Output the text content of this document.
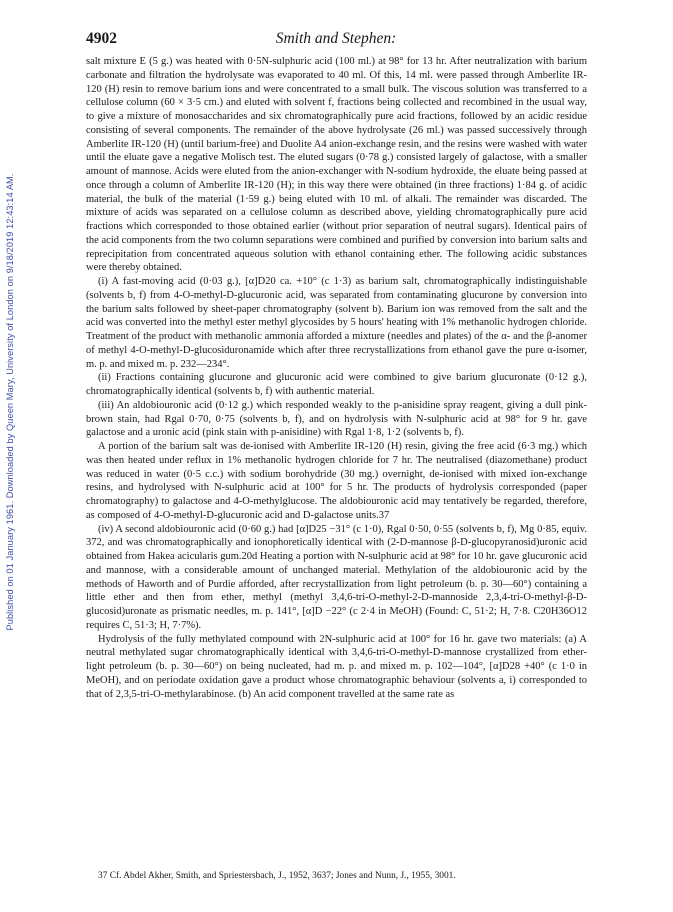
Published on 01 January 1961. Downloaded by Queen Mary, University of London on 9/18/2019 12:43:14 AM.
4902	Smith and Stephen:

salt mixture E (5 g.) was heated with 0·5N-sulphuric acid (100 ml.) at 98° for 13 hr. After neutralization with barium carbonate and filtration the hydrolysate was evaporated to 40 ml. Of this, 14 ml. were passed through Amberlite IR-120 (H) resin to remove barium ions and were concentrated to a small bulk. The viscous solution was transferred to a cellulose column (60 × 3·5 cm.) and eluted with solvent f, fractions being collected and recombined in the usual way, to give a mixture of monosaccharides and six chromatographically pure acid fractions, followed by an acidic residue consisting of several components. The remainder of the above hydrolysate (26 ml.) was passed successively through Amberlite IR-120 (H) (until barium-free) and Duolite A4 anion-exchange resin, and the resins were washed with water until the eluate gave a negative Molisch test. The eluted sugars (0·78 g.) consisted largely of galactose, with a smaller amount of mannose. Acids were eluted from the anion-exchanger with N-sodium hydroxide, the eluate being passed at once through a column of Amberlite IR-120 (H); in this way there were obtained (in three fractions) 1·84 g. of acidic material, the bulk of the material (1·59 g.) being eluted with 10 ml. of alkali. The remainder was discarded. The mixture of acids was separated on a cellulose column as described above, yielding chromatographically pure acid fractions which corresponded to those obtained earlier (without prior separation of neutral sugars). Identical pairs of the acid components from the two column separations were combined and purified by conversion into barium salts and reprecipitation from concentrated aqueous solution with ethanol containing ether. The following acidic substances were thereby obtained.

(i) A fast-moving acid (0·03 g.), [α]D20 ca. +10° (c 1·3) as barium salt, chromatographically indistinguishable (solvents b, f) from 4-O-methyl-D-glucuronic acid, was separated from contaminating glucurone by conversion into the barium salts followed by sheet-paper chromatography (solvent b). Barium ion was removed from the salt and the acid was converted into the methyl ester methyl glycosides by 5 hours' heating with 1% methanolic hydrogen chloride. Treatment of the product with methanolic ammonia afforded a mixture (needles and plates) of the α- and the β-anomer of methyl 4-O-methyl-D-glucosiduronamide which after three recrystallizations from ethanol gave the pure α-isomer, m. p. and mixed m. p. 232—234°.

(ii) Fractions containing glucurone and glucuronic acid were combined to give barium glucuronate (0·12 g.), chromatographically identical (solvents b, f) with authentic material.

(iii) An aldobiouronic acid (0·12 g.) which responded weakly to the p-anisidine spray reagent, giving a dull pink-brown stain, had Rgal 0·70, 0·75 (solvents b, f), and on hydrolysis with N-sulphuric acid at 98° for 9 hr. gave galactose and a uronic acid (pink stain with p-anisidine) with Rgal 1·8, 1·2 (solvents b, f).

A portion of the barium salt was de-ionised with Amberlite IR-120 (H) resin, giving the free acid (6·3 mg.) which was then heated under reflux in 1% methanolic hydrogen chloride for 7 hr. The neutralised (diazomethane) product was reduced in water (0·5 c.c.) with sodium borohydride (30 mg.) overnight, de-ionised with mixed ion-exchange resins, and hydrolysed with N-sulphuric acid at 100° for 5 hr. The products of hydrolysis corresponded (paper chromatography) to galactose and 4-O-methylglucose. The aldobiouronic acid may tentatively be regarded, therefore, as composed of 4-O-methyl-D-glucuronic acid and D-galactose units.37

(iv) A second aldobiouronic acid (0·60 g.) had [α]D25 −31° (c 1·0), Rgal 0·50, 0·55 (solvents b, f), Mg 0·85, equiv. 372, and was chromatographically and ionophoretically identical with (2-D-mannose β-D-glucopyranosid)uronic acid obtained from Hakea acicularis gum.20d Heating a portion with N-sulphuric acid at 98° for 10 hr. gave glucuronic acid and mannose, with a considerable amount of unchanged material. Methylation of the aldobiouronic acid by the methods of Haworth and of Purdie afforded, after recrystallization from light petroleum (b. p. 30—60°) containing a little ether and then from ether, methyl (methyl 3,4,6-tri-O-methyl-2-D-mannoside 2,3,4-tri-O-methyl-β-D-glucosid)uronate as prismatic needles, m. p. 141°, [α]D −22° (c 2·4 in MeOH) (Found: C, 51·2; H, 7·8. C20H36O12 requires C, 51·3; H, 7·7%).

Hydrolysis of the fully methylated compound with 2N-sulphuric acid at 100° for 16 hr. gave two materials: (a) A neutral methylated sugar chromatographically identical with 3,4,6-tri-O-methyl-D-mannose crystallized from ether-light petroleum (b. p. 30—60°) on being nucleated, had m. p. and mixed m. p. 102—104°, [α]D28 +40° (c 1·0 in MeOH), and on periodate oxidation gave a product whose chromatographic behaviour (solvents a, i) corresponded to that of 2,3,5-tri-O-methylarabinose. (b) An acid component travelled at the same rate as

37 Cf. Abdel Akher, Smith, and Spriestersbach, J., 1952, 3637; Jones and Nunn, J., 1955, 3001.
